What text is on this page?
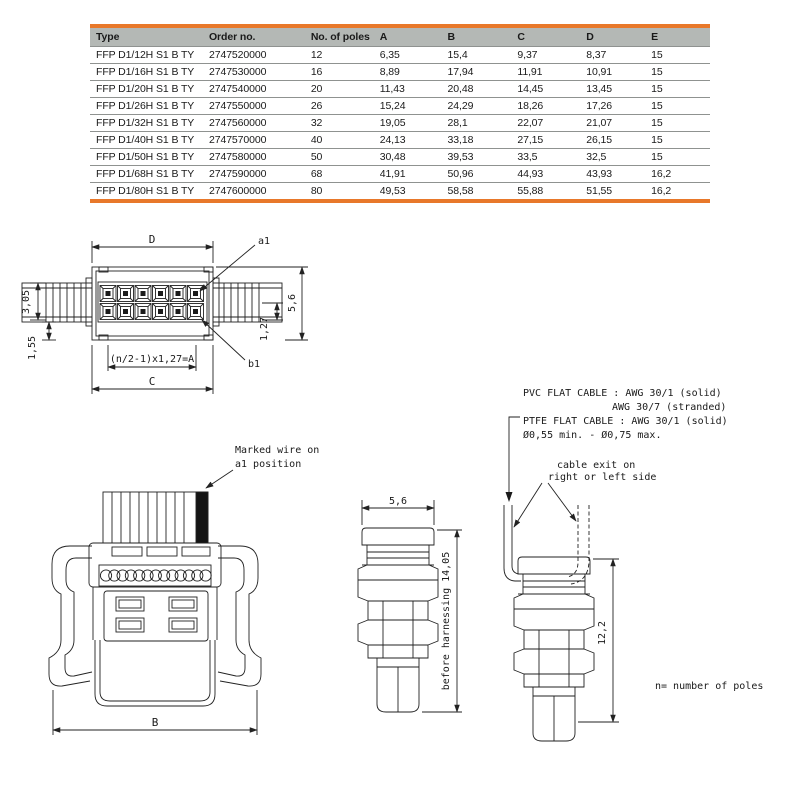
Type	Order no.	No. of poles	A	B	C	D	E
FFP D1/12H S1 B TY	2747520000	12	6,35	15,4	9,37	8,37	15
FFP D1/16H S1 B TY	2747530000	16	8,89	17,94	11,91	10,91	15
FFP D1/20H S1 B TY	2747540000	20	11,43	20,48	14,45	13,45	15
FFP D1/26H S1 B TY	2747550000	26	15,24	24,29	18,26	17,26	15
FFP D1/32H S1 B TY	2747560000	32	19,05	28,1	22,07	21,07	15
FFP D1/40H S1 B TY	2747570000	40	24,13	33,18	27,15	26,15	15
FFP D1/50H S1 B TY	2747580000	50	30,48	39,53	33,5	32,5	15
FFP D1/68H S1 B TY	2747590000	68	41,91	50,96	44,93	43,93	16,2
FFP D1/80H S1 B TY	2747600000	80	49,53	58,58	55,88	51,55	16,2
D	a1
b1
3,05
1,55
5,6
1,27
(n/2-1)x1,27=A
C
Marked wire on
a1 position
B
5,6
before harnessing 14,05
cable exit on
right or left side
12,2
PVC FLAT CABLE : AWG 30/1 (solid)
AWG 30/7 (stranded)
PTFE FLAT CABLE : AWG 30/1 (solid)
Ø0,55 min. - Ø0,75 max.
n= number of poles
